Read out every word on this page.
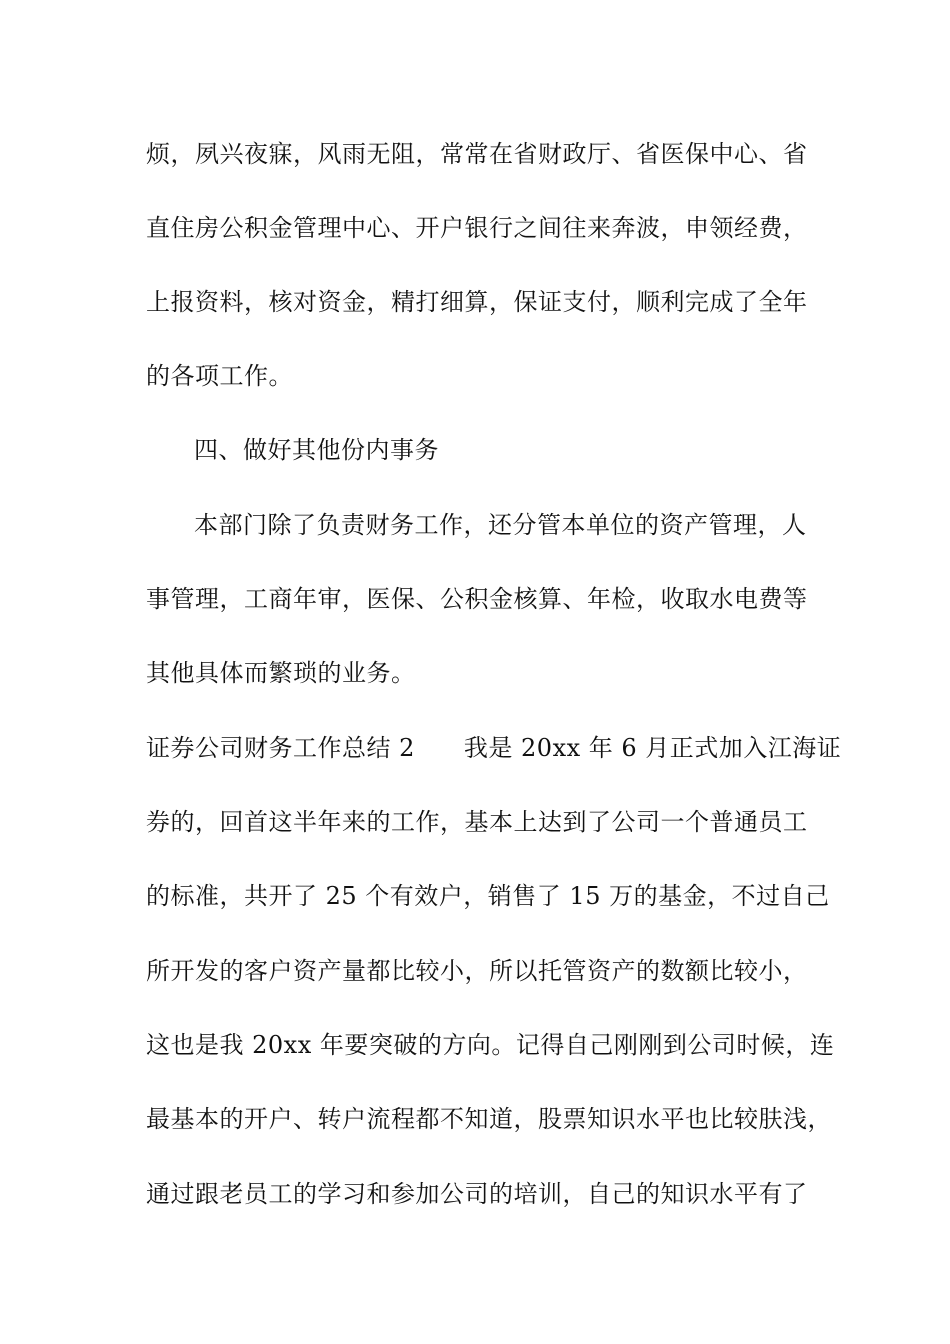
烦，夙兴夜寐，风雨无阻，常常在省财政厅、省医保中心、省
直住房公积金管理中心、开户银行之间往来奔波，申领经费，
上报资料，核对资金，精打细算，保证支付，顺利完成了全年
的各项工作。
四、做好其他份内事务
本部门除了负责财务工作，还分管本单位的资产管理，人
事管理，工商年审，医保、公积金核算、年检，收取水电费等
其他具体而繁琐的业务。
证券公司财务工作总结 2　　我是 20xx 年 6 月正式加入江海证
券的，回首这半年来的工作，基本上达到了公司一个普通员工
的标准，共开了 25 个有效户，销售了 15 万的基金，不过自己
所开发的客户资产量都比较小，所以托管资产的数额比较小，
这也是我 20xx 年要突破的方向。记得自己刚刚到公司时候，连
最基本的开户、转户流程都不知道，股票知识水平也比较肤浅，
通过跟老员工的学习和参加公司的培训，自己的知识水平有了
